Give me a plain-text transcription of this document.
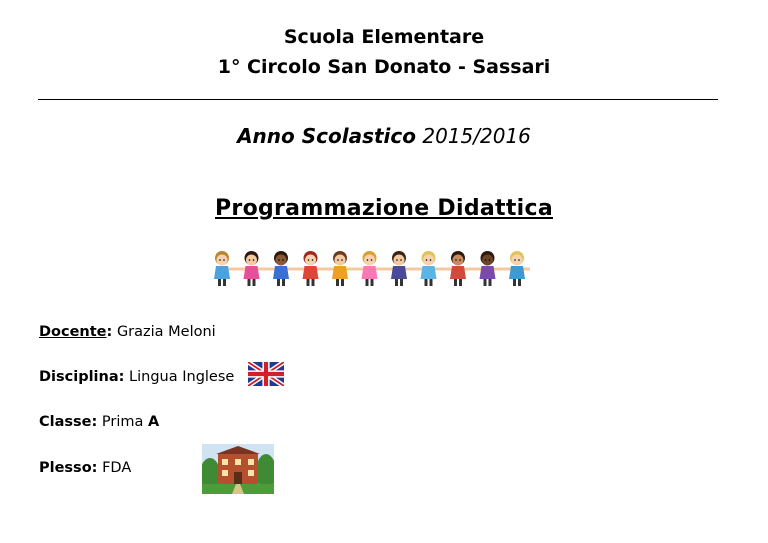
Scuola Elementare
1° Circolo San Donato - Sassari
Anno Scolastico 2015/2016
Programmazione Didattica
Docente: Grazia Meloni
Disciplina: Lingua Inglese
Classe: Prima A
Plesso: FDA
